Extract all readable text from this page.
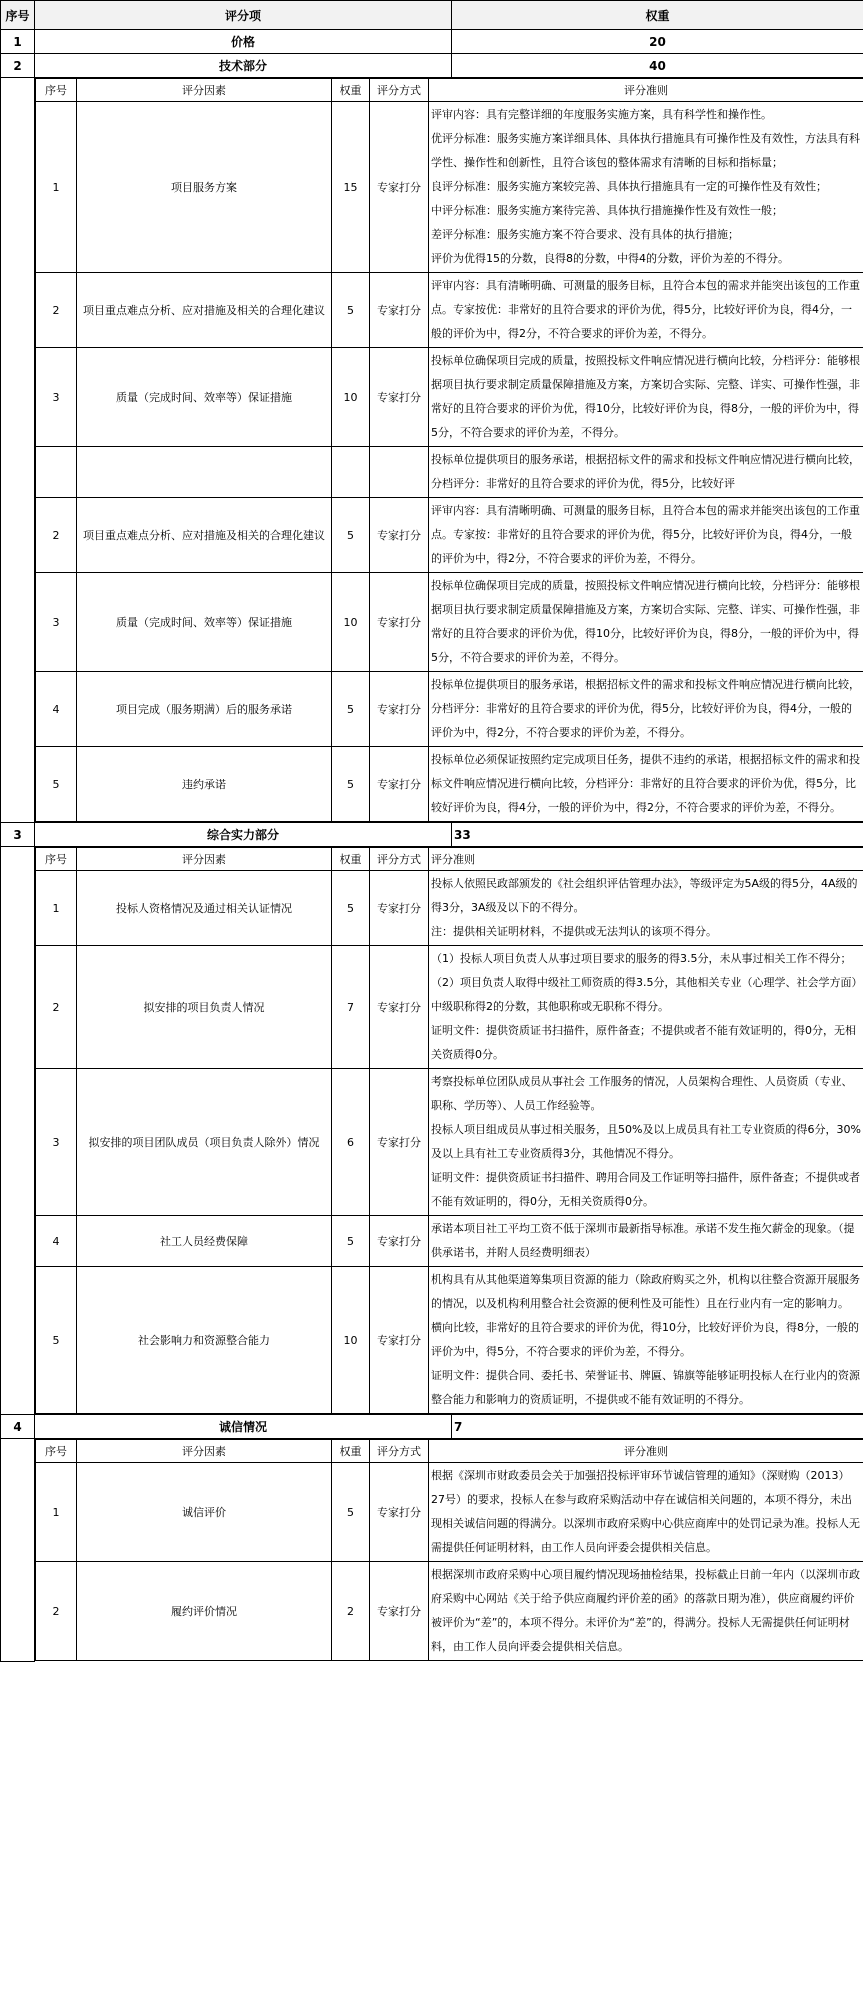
序号	评分项	权重
1	价格	20
2	技术部分	40

序号	评分因素	权重	评分方式	评分准则
1	项目服务方案	15	专家打分	
评审内容：具有完整详细的年度服务实施方案，具有科学性和操作性。
优评分标准：服务实施方案详细具体、具体执行措施具有可操作性及有效性，方法具有科学性、操作性和创新性，且符合该包的整体需求有清晰的目标和指标量；
良评分标准：服务实施方案较完善、具体执行措施具有一定的可操作性及有效性；
中评分标准：服务实施方案待完善、具体执行措施操作性及有效性一般；
差评分标准：服务实施方案不符合要求、没有具体的执行措施；
评价为优得15的分数，良得8的分数，中得4的分数，评价为差的不得分。

2	项目重点难点分析、应对措施及相关的合理化建议	5	专家打分	
评审内容：具有清晰明确、可测量的服务目标，且符合本包的需求并能突出该包的工作重点。专家按优：非常好的且符合要求的评价为优，得5分，比较好评价为良，得4分，一般的评价为中，得2分，不符合要求的评价为差，不得分。

3	质量（完成时间、效率等）保证措施	10	专家打分	
投标单位确保项目完成的质量，按照投标文件响应情况进行横向比较，分档评分：能够根据项目执行要求制定质量保障措施及方案，方案切合实际、完整、详实、可操作性强，非常好的且符合要求的评价为优，得10分，比较好评价为良，得8分，一般的评价为中，得5分，不符合要求的评价为差，不得分。

投标单位提供项目的服务承诺，根据招标文件的需求和投标文件响应情况进行横向比较，分档评分：非常好的且符合要求的评价为优，得5分，比较好评

2	项目重点难点分析、应对措施及相关的合理化建议	5	专家打分	
评审内容：具有清晰明确、可测量的服务目标，且符合本包的需求并能突出该包的工作重点。专家按：非常好的且符合要求的评价为优，得5分，比较好评价为良，得4分，一般的评价为中，得2分，不符合要求的评价为差，不得分。

3	质量（完成时间、效率等）保证措施	10	专家打分	
投标单位确保项目完成的质量，按照投标文件响应情况进行横向比较，分档评分：能够根据项目执行要求制定质量保障措施及方案，方案切合实际、完整、详实、可操作性强，非常好的且符合要求的评价为优，得10分，比较好评价为良，得8分，一般的评价为中，得5分，不符合要求的评价为差，不得分。

4	项目完成（服务期满）后的服务承诺	5	专家打分	
投标单位提供项目的服务承诺，根据招标文件的需求和投标文件响应情况进行横向比较，分档评分：非常好的且符合要求的评价为优，得5分，比较好评价为良，得4分，一般的评价为中，得2分，不符合要求的评价为差，不得分。

5	违约承诺	5	专家打分	
投标单位必须保证按照约定完成项目任务，提供不违约的承诺，根据招标文件的需求和投标文件响应情况进行横向比较，分档评分：非常好的且符合要求的评价为优，得5分，比较好评价为良，得4分，一般的评价为中，得2分，不符合要求的评价为差，不得分。

3	综合实力部分	33

序号	评分因素	权重	评分方式	评分准则
1	投标人资格情况及通过相关认证情况	5	专家打分	
投标人依照民政部颁发的《社会组织评估管理办法》，等级评定为5A级的得5分，4A级的得3分，3A级及以下的不得分。
注：提供相关证明材料，不提供或无法判认的该项不得分。

2	拟安排的项目负责人情况	7	专家打分	
（1）投标人项目负责人从事过项目要求的服务的得3.5分，未从事过相关工作不得分；
（2）项目负责人取得中级社工师资质的得3.5分，其他相关专业（心理学、社会学方面）中级职称得2的分数，其他职称或无职称不得分。
证明文件：提供资质证书扫描件，原件备查；不提供或者不能有效证明的，得0分，无相关资质得0分。

3	拟安排的项目团队成员（项目负责人除外）情况	6	专家打分	
考察投标单位团队成员从事社会 工作服务的情况，人员架构合理性、人员资质（专业、职称、学历等）、人员工作经验等。
投标人项目组成员从事过相关服务，且50%及以上成员具有社工专业资质的得6分，30%及以上具有社工专业资质得3分，其他情况不得分。
证明文件：提供资质证书扫描件、聘用合同及工作证明等扫描件，原件备查；不提供或者不能有效证明的，得0分，无相关资质得0分。

4	社工人员经费保障	5	专家打分	
承诺本项目社工平均工资不低于深圳市最新指导标准。承诺不发生拖欠薪金的现象。（提供承诺书，并附人员经费明细表）

5	社会影响力和资源整合能力	10	专家打分	
机构具有从其他渠道筹集项目资源的能力（除政府购买之外，机构以往整合资源开展服务的情况，以及机构利用整合社会资源的便利性及可能性）且在行业内有一定的影响力。
横向比较，非常好的且符合要求的评价为优，得10分，比较好评价为良，得8分，一般的评价为中，得5分，不符合要求的评价为差，不得分。
证明文件：提供合同、委托书、荣誉证书、牌匾、锦旗等能够证明投标人在行业内的资源整合能力和影响力的资质证明，不提供或不能有效证明的不得分。

4	诚信情况	7

序号	评分因素	权重	评分方式	评分准则
1	诚信评价	5	专家打分	
根据《深圳市财政委员会关于加强招投标评审环节诚信管理的通知》（深财购（2013）27号）的要求，投标人在参与政府采购活动中存在诚信相关问题的，本项不得分，未出现相关诚信问题的得满分。以深圳市政府采购中心供应商库中的处罚记录为准。投标人无需提供任何证明材料，由工作人员向评委会提供相关信息。

2	履约评价情况	2	专家打分	
根据深圳市政府采购中心项目履约情况现场抽检结果，投标截止日前一年内（以深圳市政府采购中心网站《关于给予供应商履约评价差的函》的落款日期为准），供应商履约评价被评价为“差”的，本项不得分。未评价为“差”的，得满分。投标人无需提供任何证明材料，由工作人员向评委会提供相关信息。
